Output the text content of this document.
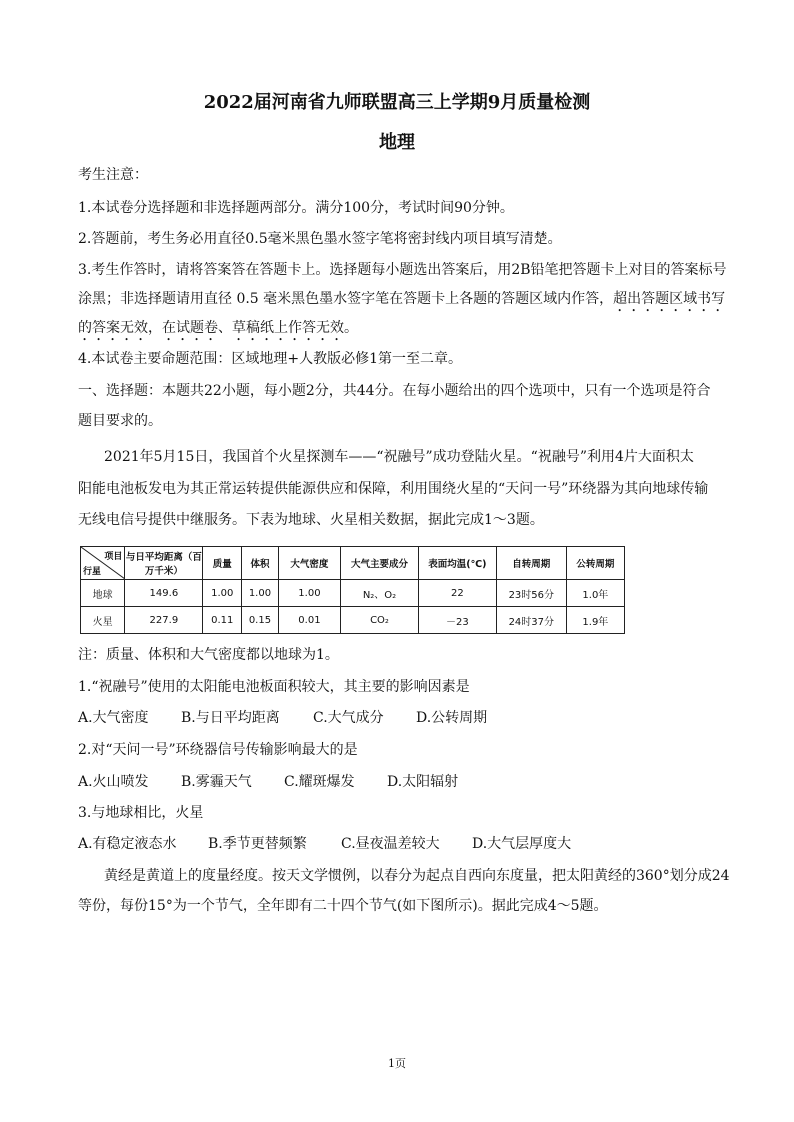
2022届河南省九师联盟高三上学期9月质量检测
地理
考生注意：
1.本试卷分选择题和非选择题两部分。满分100分，考试时间90分钟。
2.答题前，考生务必用直径0.5毫米黑色墨水签字笔将密封线内项目填写清楚。
3.考生作答时，请将答案答在答题卡上。选择题每小题选出答案后，用2B铅笔把答题卡上对目的答案标号
涂黑；非选择题请用直径 0.5 毫米黑色墨水签字笔在答题卡上各题的答题区域内作答，超出答题区域书写
的答案无效，在试题卷、草稿纸上作答无效。
4.本试卷主要命题范围：区域地理+人教版必修1第一至二章。
一、选择题：本题共22小题，每小题2分，共44分。在每小题给出的四个选项中，只有一个选项是符合
题目要求的。
2021年5月15日，我国首个火星探测车——“祝融号”成功登陆火星。“祝融号”利用4片大面积太
阳能电池板发电为其正常运转提供能源供应和保障，利用围绕火星的“天问一号”环绕器为其向地球传输
无线电信号提供中继服务。下表为地球、火星相关数据，据此完成1～3题。
项目
行星	与日平均距离（百万千米）	质量	体积	大气密度	大气主要成分	表面均温(℃)	自转周期	公转周期
地球	149.6	1.00	1.00	1.00	N₂、O₂	22	23时56分	1.0年
火星	227.9	0.11	0.15	0.01	CO₂	－23	24时37分	1.9年
注：质量、体积和大气密度都以地球为1。
1.“祝融号”使用的太阳能电池板面积较大，其主要的影响因素是
A.大气密度 B.与日平均距离 C.大气成分 D.公转周期
2.对“天问一号”环绕器信号传输影响最大的是
A.火山喷发 B.雾霾天气 C.耀斑爆发 D.太阳辐射
3.与地球相比，火星
A.有稳定液态水 B.季节更替频繁 C.昼夜温差较大 D.大气层厚度大
黄经是黄道上的度量经度。按天文学惯例，以春分为起点自西向东度量，把太阳黄经的360°划分成24
等份，每份15°为一个节气，全年即有二十四个节气(如下图所示)。据此完成4～5题。
1页
